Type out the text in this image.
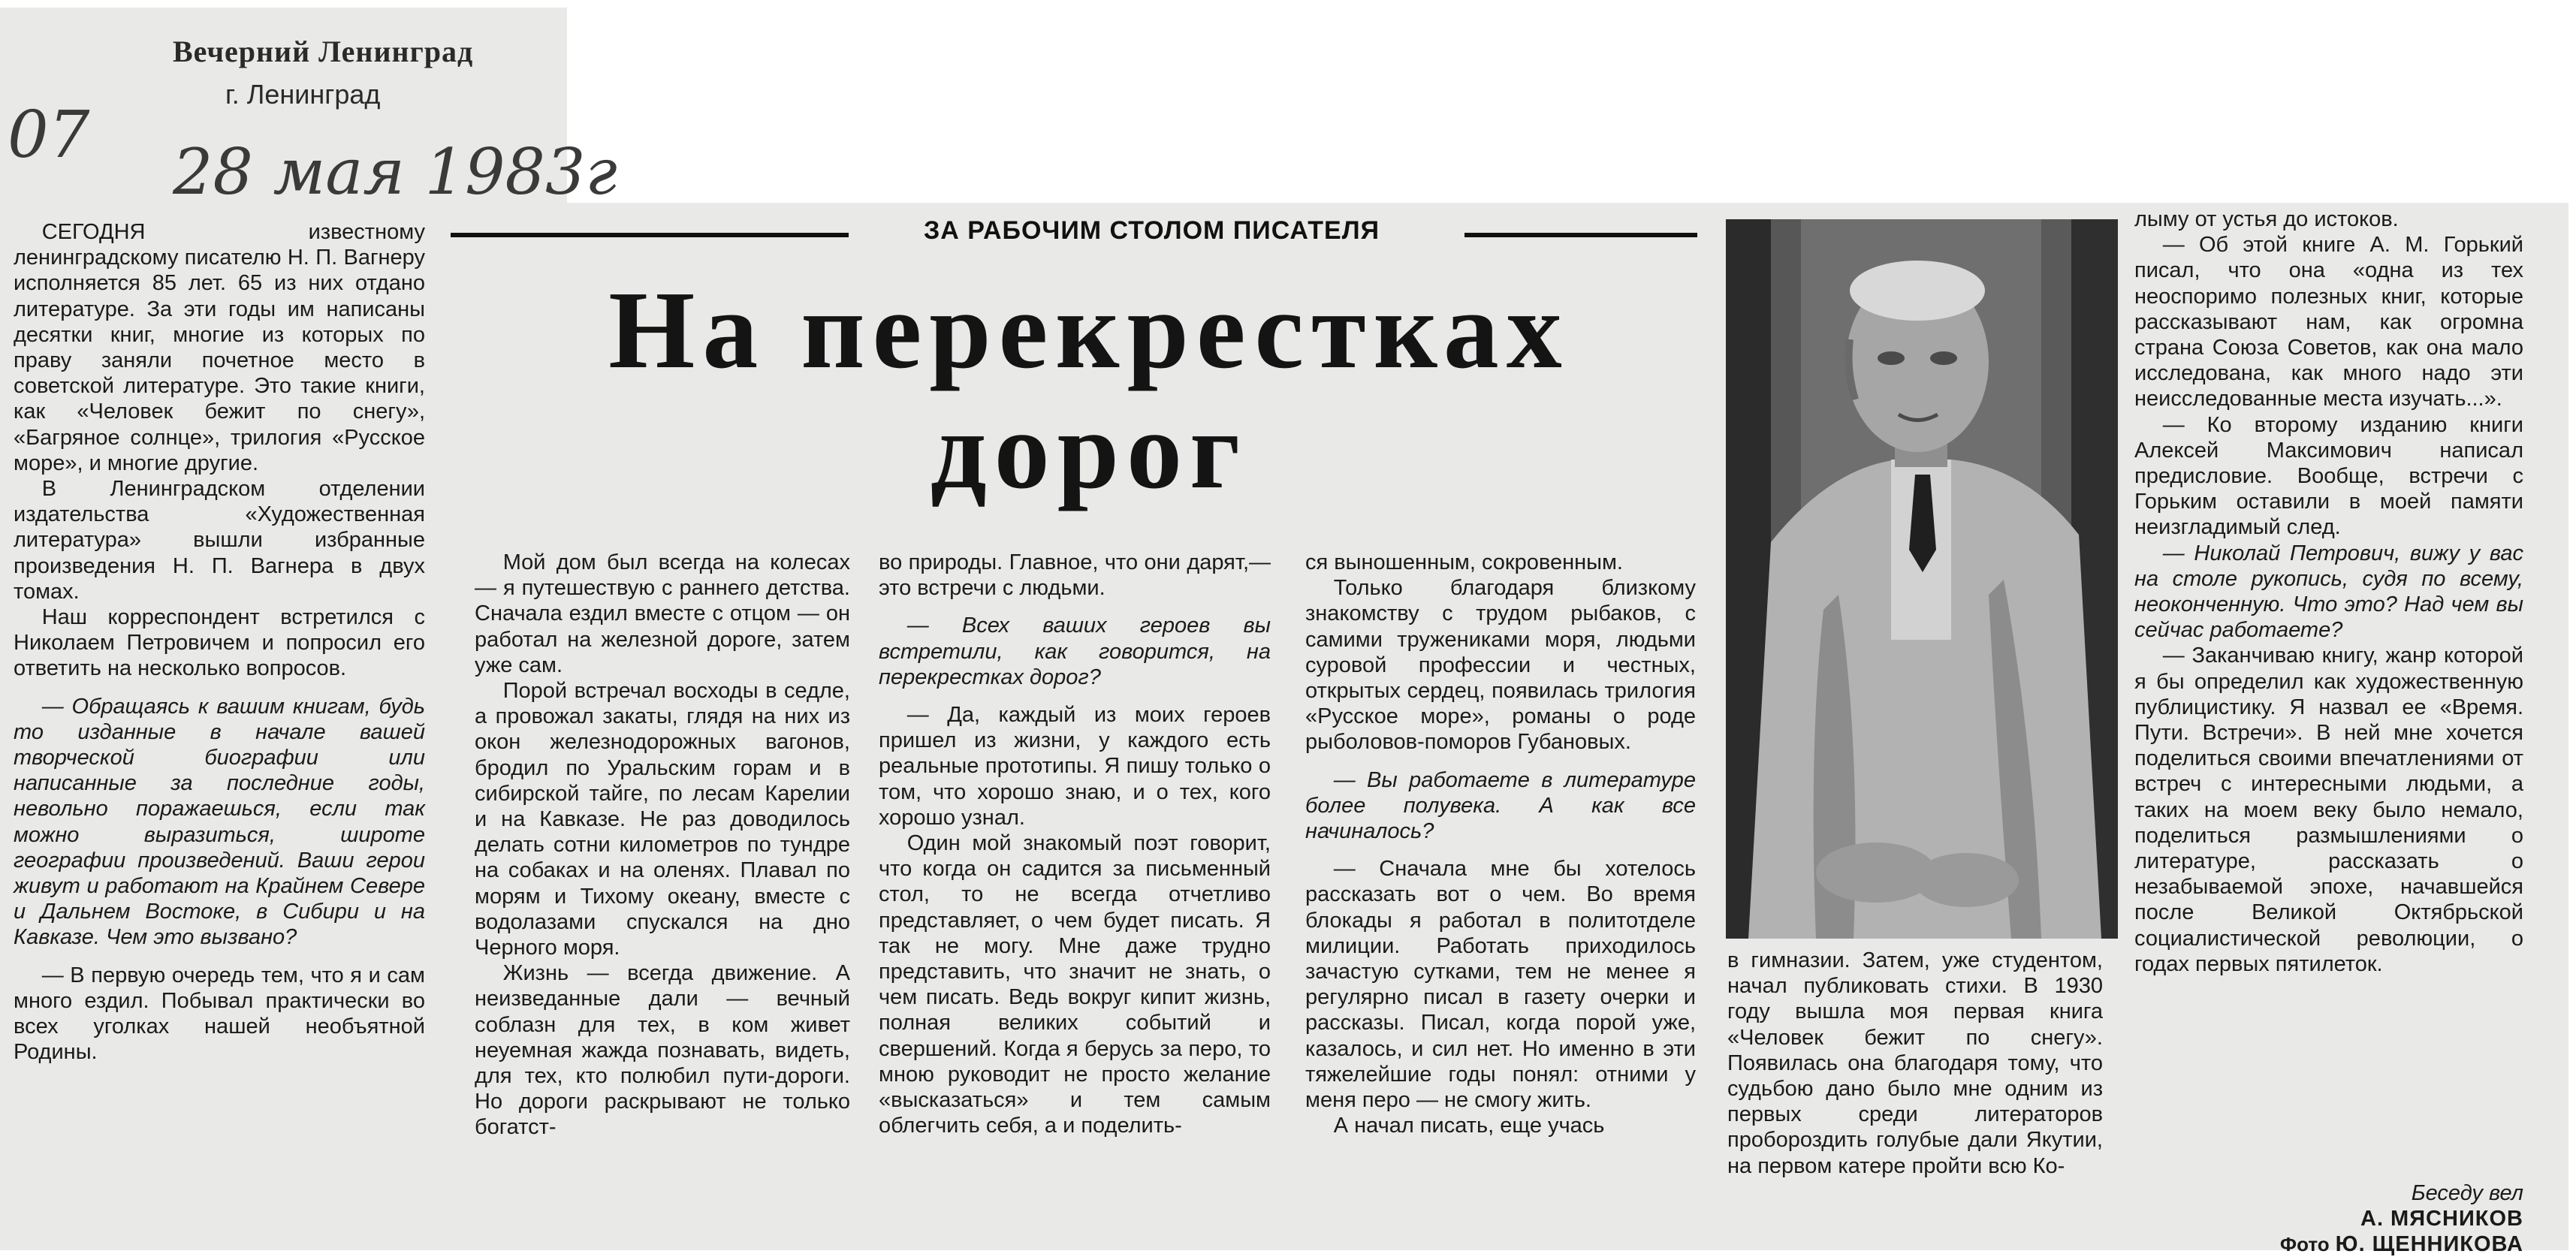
Вечерний Ленинград
г. Ленинград
07 28 мая 1983г

СЕГОДНЯ известному ленинградскому писателю Н. П. Вагнеру исполняется 85 лет. 65 из них отдано литературе. За эти годы им написаны десятки книг, многие из которых по праву заняли почетное место в советской литературе. Это такие книги, как «Человек бежит по снегу», «Багряное солнце», трилогия «Русское море», и многие другие.

В Ленинградском отделении издательства «Художественная литература» вышли избранные произведения Н. П. Вагнера в двух томах.

Наш корреспондент встретился с Николаем Петровичем и попросил его ответить на несколько вопросов.

— Обращаясь к вашим книгам, будь то изданные в начале вашей творческой биографии или написанные за последние годы, невольно поражаешься, если так можно выразиться, широте географии произведений. Ваши герои живут и работают на Крайнем Севере и Дальнем Востоке, в Сибири и на Кавказе. Чем это вызвано?

— В первую очередь тем, что я и сам много ездил. Побывал практически во всех уголках нашей необъятной Родины.

ЗА РАБОЧИМ СТОЛОМ ПИСАТЕЛЯ
На перекрестках
дорог

Мой дом был всегда на колесах — я путешествую с раннего детства. Сначала ездил вместе с отцом — он работал на железной дороге, затем уже сам.

Порой встречал восходы в седле, а провожал закаты, глядя на них из окон железнодорожных вагонов, бродил по Уральским горам и в сибирской тайге, по лесам Карелии и на Кавказе. Не раз доводилось делать сотни километров по тундре на собаках и на оленях. Плавал по морям и Тихому океану, вместе с водолазами спускался на дно Черного моря.

Жизнь — всегда движение. А неизведанные дали — вечный соблазн для тех, в ком живет неуемная жажда познавать, видеть, для тех, кто полюбил пути-дороги. Но дороги раскрывают не только богатст-

во природы. Главное, что они дарят,—это встречи с людьми.

— Всех ваших героев вы встретили, как говорится, на перекрестках дорог?

— Да, каждый из моих героев пришел из жизни, у каждого есть реальные прототипы. Я пишу только о том, что хорошо знаю, и о тех, кого хорошо узнал.

Один мой знакомый поэт говорит, что когда он садится за письменный стол, то не всегда отчетливо представляет, о чем будет писать. Я так не могу. Мне даже трудно представить, что значит не знать, о чем писать. Ведь вокруг кипит жизнь, полная великих событий и свершений. Когда я берусь за перо, то мною руководит не просто желание «высказаться» и тем самым облегчить себя, а и поделить-

ся выношенным, сокровенным.

Только благодаря близкому знакомству с трудом рыбаков, с самими тружениками моря, людьми суровой профессии и честных, открытых сердец, появилась трилогия «Русское море», романы о роде рыболовов-поморов Губановых.

— Вы работаете в литературе более полувека. А как все начиналось?

— Сначала мне бы хотелось рассказать вот о чем. Во время блокады я работал в политотделе милиции. Работать приходилось зачастую сутками, тем не менее я регулярно писал в газету очерки и рассказы. Писал, когда порой уже, казалось, и сил нет. Но именно в эти тяжелейшие годы понял: отними у меня перо — не смогу жить.

А начал писать, еще учась

в гимназии. Затем, уже студентом, начал публиковать стихи. В 1930 году вышла моя первая книга «Человек бежит по снегу». Появилась она благодаря тому, что судьбою дано было мне одним из первых среди литераторов пробороздить голубые дали Якутии, на первом катере пройти всю Ко-

лыму от устья до истоков.

— Об этой книге А. М. Горький писал, что она «одна из тех неоспоримо полезных книг, которые рассказывают нам, как огромна страна Союза Советов, как она мало исследована, как много надо эти неисследованные места изучать...».

— Ко второму изданию книги Алексей Максимович написал предисловие. Вообще, встречи с Горьким оставили в моей памяти неизгладимый след.

— Николай Петрович, вижу у вас на столе рукопись, судя по всему, неоконченную. Что это? Над чем вы сейчас работаете?

— Заканчиваю книгу, жанр которой я бы определил как художественную публицистику. Я назвал ее «Время. Пути. Встречи». В ней мне хочется поделиться своими впечатлениями от встреч с интересными людьми, а таких на моем веку было немало, поделиться размышлениями о литературе, рассказать о незабываемой эпохе, начавшейся после Великой Октябрьской социалистической революции, о годах первых пятилеток.

Беседу вел
А. МЯСНИКОВ
Фото Ю. ЩЕННИКОВА
